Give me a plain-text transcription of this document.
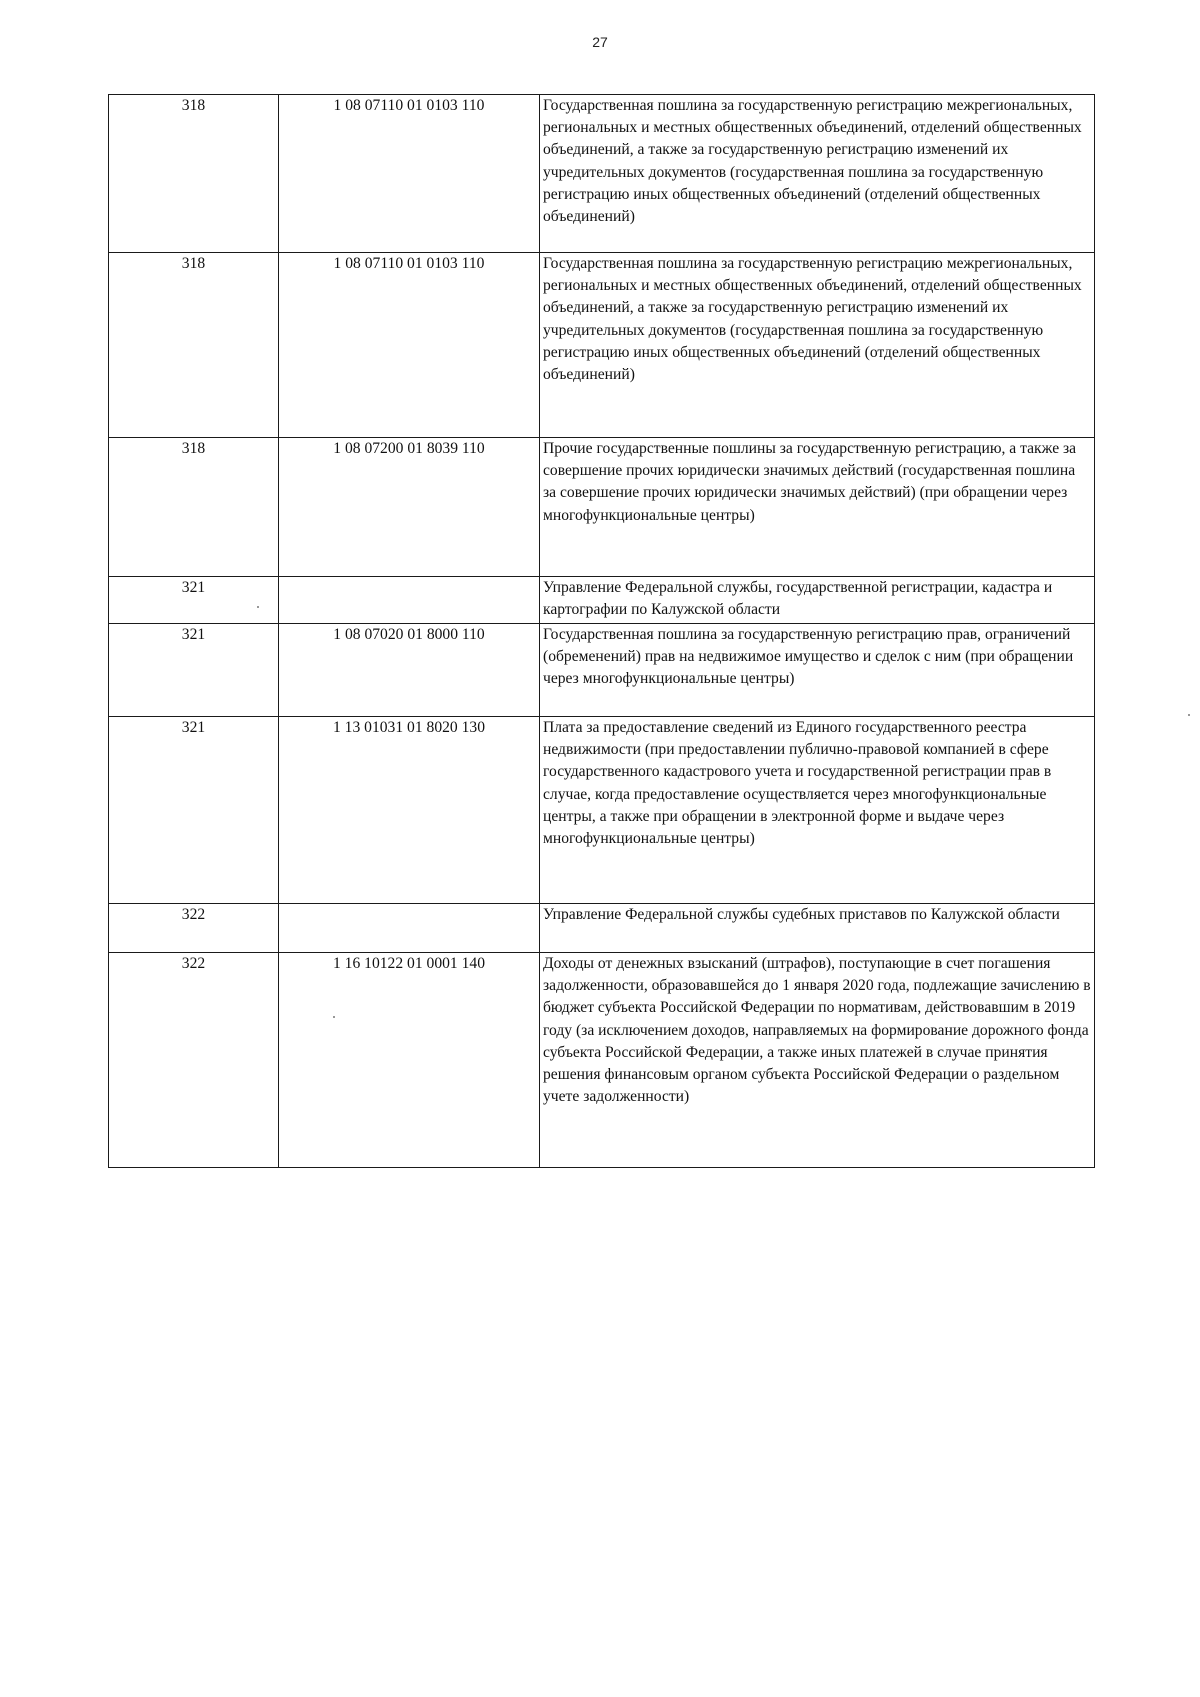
27
318	1 08 07110 01 0103 110	Государственная пошлина за государственную регистрацию межрегиональных, региональных и местных общественных объединений, отделений общественных объединений, а также за государственную регистрацию изменений их учредительных документов (государственная пошлина за государственную регистрацию иных общественных объединений (отделений общественных объединений)
318	1 08 07110 01 0103 110	Государственная пошлина за государственную регистрацию межрегиональных, региональных и местных общественных объединений, отделений общественных объединений, а также за государственную регистрацию изменений их учредительных документов (государственная пошлина за государственную регистрацию иных общественных объединений (отделений общественных объединений)
318	1 08 07200 01 8039 110	Прочие государственные пошлины за государственную регистрацию, а также за совершение прочих юридически значимых действий (государственная пошлина за совершение прочих юридически значимых действий) (при обращении через многофункциональные центры)
321		Управление Федеральной службы, государственной регистрации, кадастра и картографии по Калужской области
321	1 08 07020 01 8000 110	Государственная пошлина за государственную регистрацию прав, ограничений (обременений) прав на недвижимое имущество и сделок с ним (при обращении через многофункциональные центры)
321	1 13 01031 01 8020 130	Плата за предоставление сведений из Единого государственного реестра недвижимости (при предоставлении публично-правовой компанией в сфере государственного кадастрового учета и государственной регистрации прав в случае, когда предоставление осуществляется через многофункциональные центры, а также при обращении в электронной форме и выдаче через многофункциональные центры)
322		Управление Федеральной службы судебных приставов по Калужской области
322	1 16 10122 01 0001 140	Доходы от денежных взысканий (штрафов), поступающие в счет погашения задолженности, образовавшейся до 1 января 2020 года, подлежащие зачислению в бюджет субъекта Российской Федерации по нормативам, действовавшим в 2019 году (за исключением доходов, направляемых на формирование дорожного фонда субъекта Российской Федерации, а также иных платежей в случае принятия решения финансовым органом субъекта Российской Федерации о раздельном учете задолженности)
